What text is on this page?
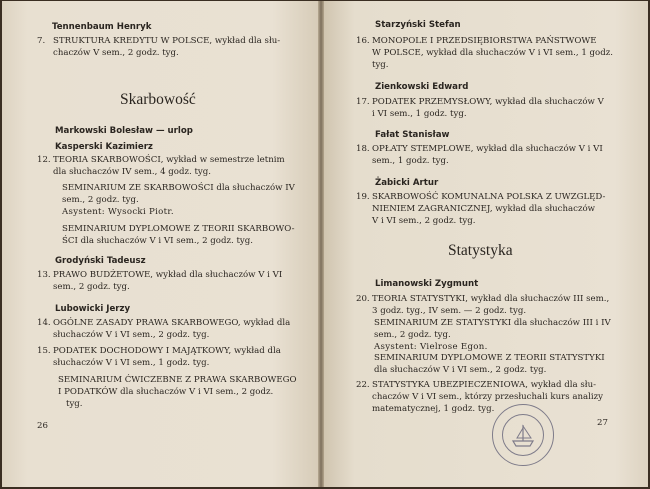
Tennenbaum Henryk
7. STRUKTURA KREDYTU W POLSCE, wykład dla słu-
chaczów V sem., 2 godz. tyg.
Skarbowość
Markowski Bolesław — urlop
Kasperski Kazimierz
12. TEORIA SKARBOWOŚCI, wykład w semestrze letnim
dla słuchaczów IV sem., 4 godz. tyg.
SEMINARIUM ZE SKARBOWOŚCI dla słuchaczów IV
sem., 2 godz. tyg.
Asystent: Wysocki Piotr.
SEMINARIUM DYPLOMOWE Z TEORII SKARBOWO-
ŚCI dla słuchaczów V i VI sem., 2 godz. tyg.
Grodyński Tadeusz
13. PRAWO BUDŻETOWE, wykład dla słuchaczów V i VI
sem., 2 godz. tyg.
Lubowicki Jerzy
14. OGÓLNE ZASADY PRAWA SKARBOWEGO, wykład dla
słuchaczów V i VI sem., 2 godz. tyg.
15. PODATEK DOCHODOWY I MAJĄTKOWY, wykład dla
słuchaczów V i VI sem., 1 godz. tyg.
SEMINARIUM ĆWICZEBNE Z PRAWA SKARBOWEGO
I PODATKÓW dla słuchaczów V i VI sem., 2 godz.
tyg.
26
Starzyński Stefan
16. MONOPOLE I PRZEDSIĘBIORSTWA PAŃSTWOWE
W POLSCE, wykład dla słuchaczów V i VI sem., 1 godz.
tyg.
Zienkowski Edward
17. PODATEK PRZEMYSŁOWY, wykład dla słuchaczów V
i VI sem., 1 godz. tyg.
Fałat Stanisław
18. OPŁATY STEMPLOWE, wykład dla słuchaczów V i VI
sem., 1 godz. tyg.
Żabicki Artur
19. SKARBOWOŚĆ KOMUNALNA POLSKA Z UWZGLĘD-
NIENIEM ZAGRANICZNEJ, wykład dla słuchaczów
V i VI sem., 2 godz. tyg.
Statystyka
Limanowski Zygmunt
20. TEORIA STATYSTYKI, wykład dla słuchaczów III sem.,
3 godz. tyg., IV sem. — 2 godz. tyg.
SEMINARIUM ZE STATYSTYKI dla słuchaczów III i IV
sem., 2 godz. tyg.
Asystent: Vielrose Egon.
SEMINARIUM DYPLOMOWE Z TEORII STATYSTYKI
dla słuchaczów V i VI sem., 2 godz. tyg.
22. STATYSTYKA UBEZPIECZENIOWA, wykład dla słu-
chaczów V i VI sem., którzy przesłuchali kurs analizy
matematycznej, 1 godz. tyg.
27
